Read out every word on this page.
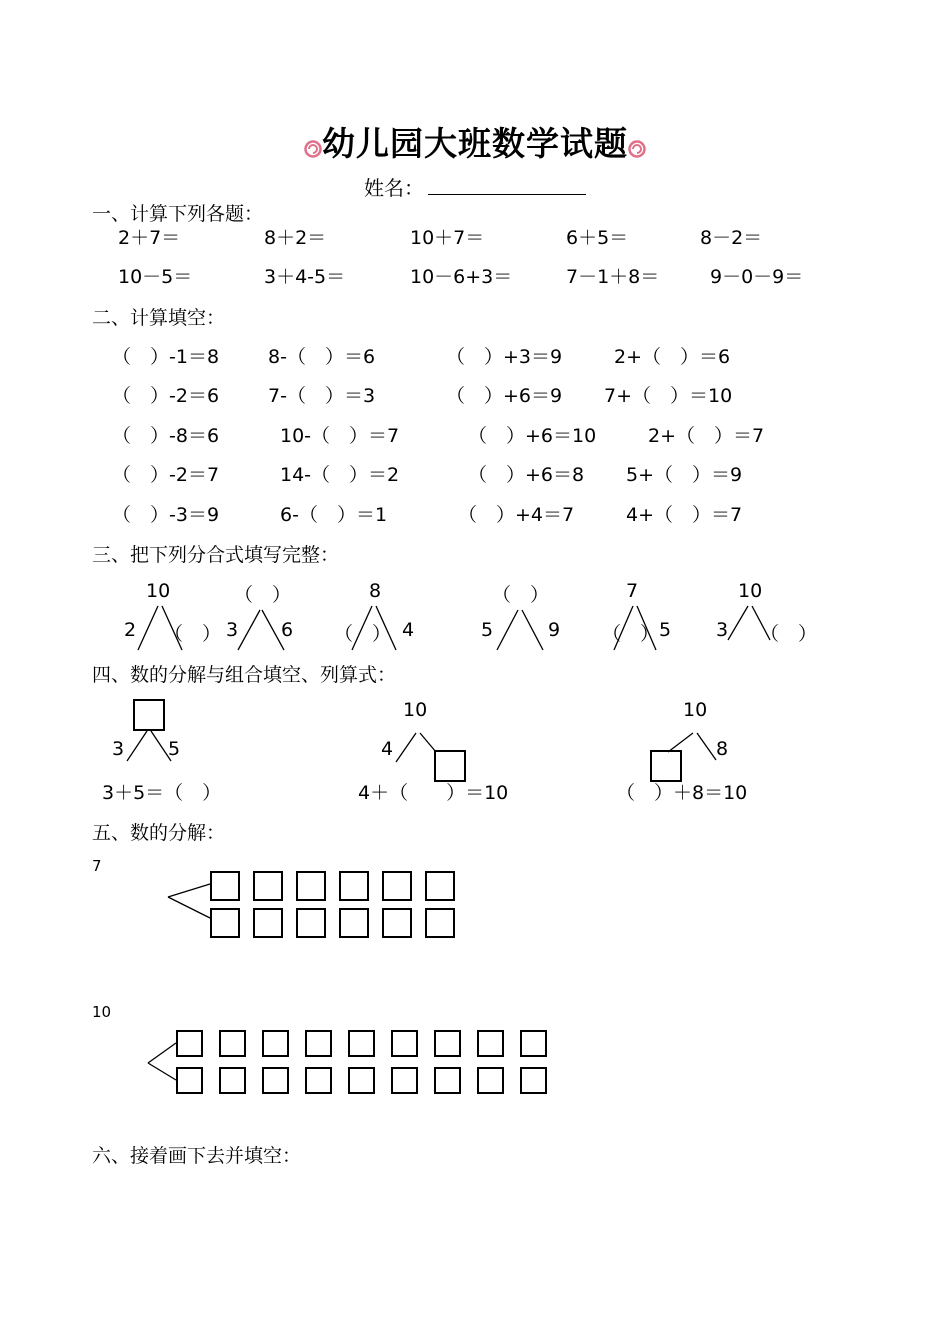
幼儿园大班数学试题
姓名：
一、计算下列各题：
2＋7＝	8＋2＝	10＋7＝	6＋5＝	8－2＝
10－5＝	3＋4-5＝	10－6+3＝	7－1＋8＝	9－0－9＝
二、计算填空：
（　）-1＝8	8-（　）＝6	（　）+3＝9	2+（　）＝6
（　）-2＝6	7-（　）＝3	（　）+6＝9 7+（　）＝10
（　）-8＝6	10-（　）＝7	（　）+6＝10	2+（　）＝7
（　）-2＝7	14-（　）＝2	（　）+6＝8 5+（　）＝9
（　）-3＝9	6-（　）＝1	（　）+4＝7	4+（　）＝7
三、把下列分合式填写完整：
10
2 （　）
（　）
3 6
8
（　） 4
（　）
5	9
7
（　） 5
10
3 （　）
四、数的分解与组合填空、列算式：
3 5
3＋5＝（　）
10
4
4＋（　　）＝10
10
8
（　）＋8＝10
五、数的分解：
7
10
六、接着画下去并填空：
